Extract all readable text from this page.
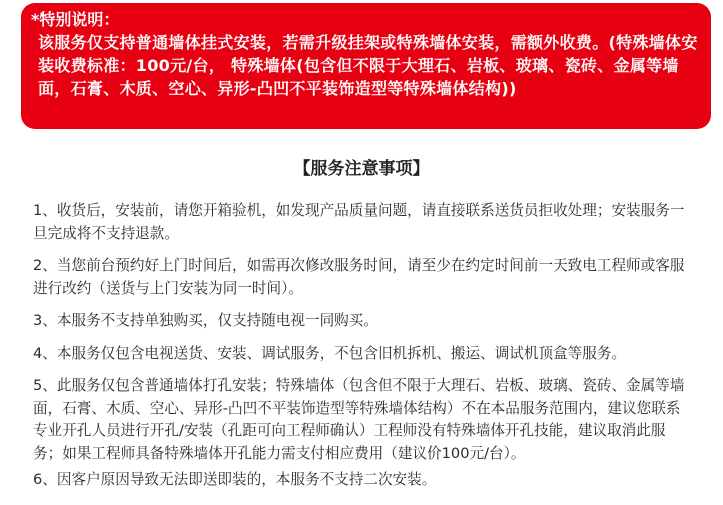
*特别说明：
该服务仅支持普通墙体挂式安装，若需升级挂架或特殊墙体安装，需额外收费。(特殊墙体安装收费标准：100元/台， 特殊墙体(包含但不限于大理石、岩板、玻璃、瓷砖、金属等墙面，石膏、木质、空心、异形-凸凹不平装饰造型等特殊墙体结构))
【服务注意事项】
1、收货后，安装前，请您开箱验机，如发现产品质量问题，请直接联系送货员拒收处理；安装服务一旦完成将不支持退款。
2、当您前台预约好上门时间后，如需再次修改服务时间，请至少在约定时间前一天致电工程师或客服进行改约（送货与上门安装为同一时间）。
3、本服务不支持单独购买，仅支持随电视一同购买。
4、本服务仅包含电视送货、安装、调试服务，不包含旧机拆机、搬运、调试机顶盒等服务。
5、此服务仅包含普通墙体打孔安装；特殊墙体（包含但不限于大理石、岩板、玻璃、瓷砖、金属等墙面，石膏、木质、空心、异形-凸凹不平装饰造型等特殊墙体结构）不在本品服务范围内，建议您联系专业开孔人员进行开孔/安装（孔距可向工程师确认）工程师没有特殊墙体开孔技能，建议取消此服务；如果工程师具备特殊墙体开孔能力需支付相应费用（建议价100元/台）。
6、因客户原因导致无法即送即装的，本服务不支持二次安装。
